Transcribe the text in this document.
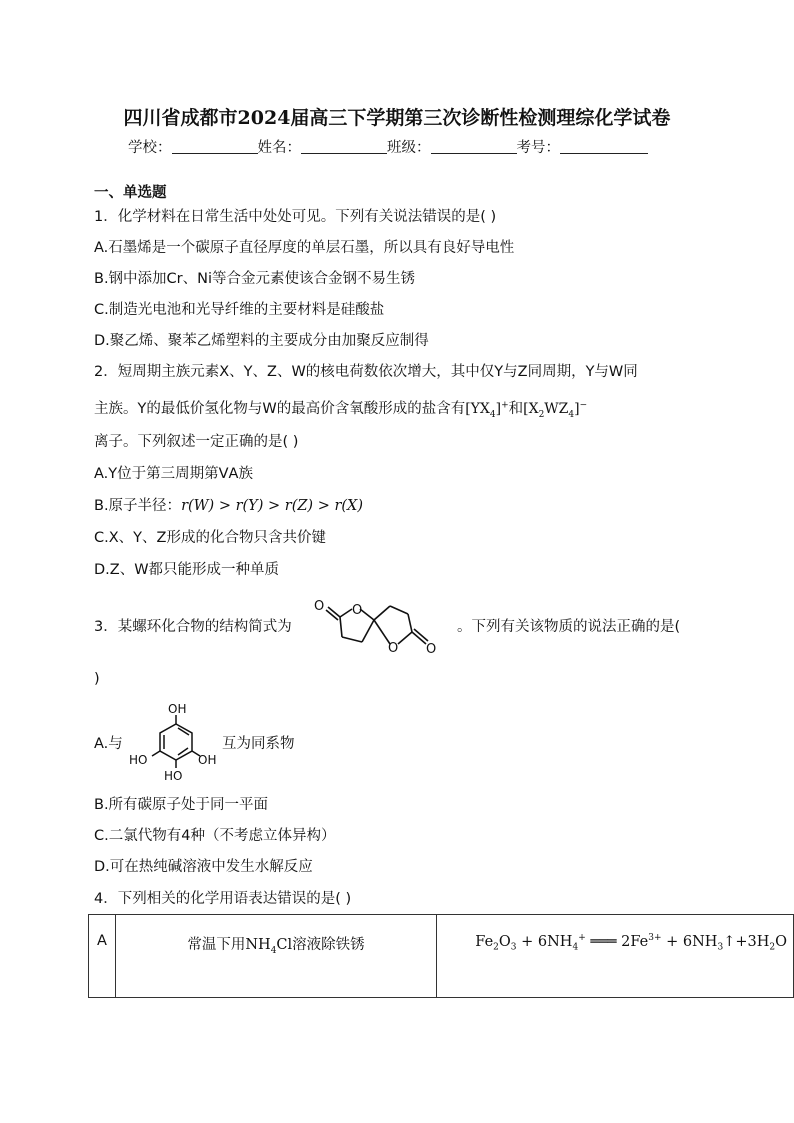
四川省成都市2024届高三下学期第三次诊断性检测理综化学试卷
学校：	姓名：	班级：	考号：
一、单选题
1．化学材料在日常生活中处处可见。下列有关说法错误的是( )
A.石墨烯是一个碳原子直径厚度的单层石墨，所以具有良好导电性
B.钢中添加Cr、Ni等合金元素使该合金钢不易生锈
C.制造光电池和光导纤维的主要材料是硅酸盐
D.聚乙烯、聚苯乙烯塑料的主要成分由加聚反应制得
2．短周期主族元素X、Y、Z、W的核电荷数依次增大，其中仅Y与Z同周期，Y与W同
主族。Y的最低价氢化物与W的最高价含氧酸形成的盐含有$[YX_4]^+$和$[X_2WZ_4]^-$
离子。下列叙述一定正确的是( )
A.Y位于第三周期第ⅤA族
B.原子半径：r(W) > r(Y) > r(Z) > r(X)
C.X、Y、Z形成的化合物只含共价键
D.Z、W都只能形成一种单质
3．某螺环化合物的结构简式为
O O
O O
。下列有关该物质的说法正确的是(
)
A.与
OH
OH
HO
HO
互为同系物
B.所有碳原子处于同一平面
C.二氯代物有4种（不考虑立体异构）
D.可在热纯碱溶液中发生水解反应
4．下列相关的化学用语表达错误的是( )
A	常温下用$NH_4Cl$溶液除铁锈	$Fe_2O_3 + 6NH_4^+$ ═══ $2Fe^{3+}$ + $6NH_3↑+3H_2O$
